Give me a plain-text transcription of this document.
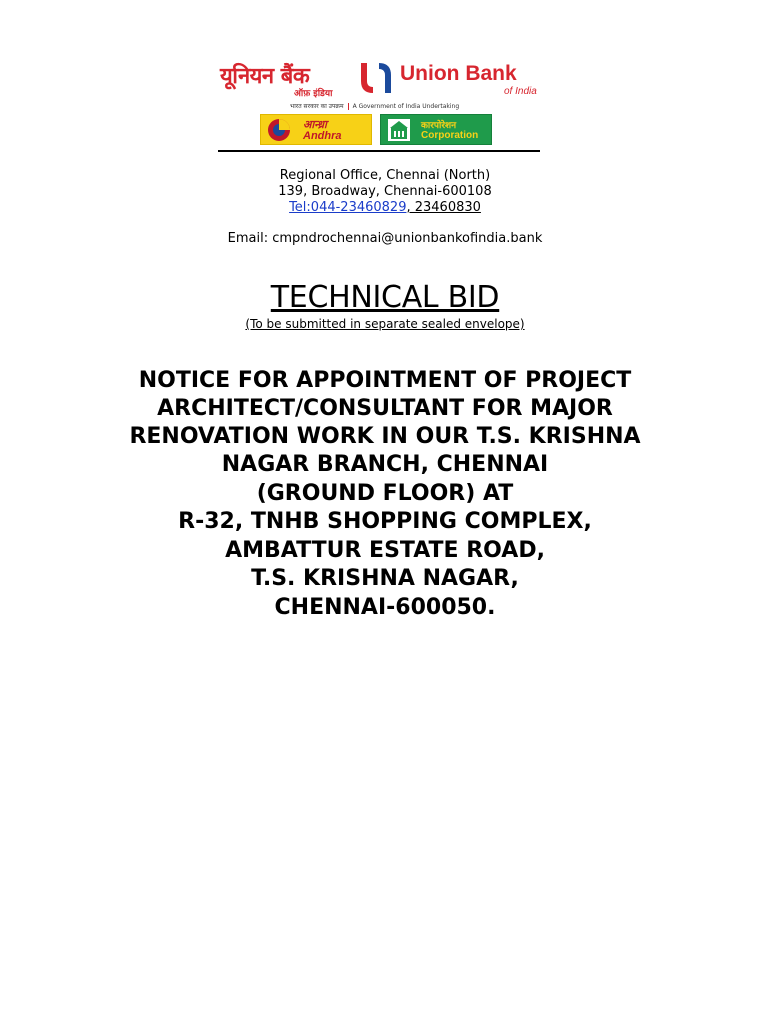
यूनियन बैंक
ऑफ़ इंडिया
Union Bank
of India
भारत सरकार का उपक्रम A Government of India Undertaking
आन्ध्रा
Andhra
कारपोरेशन
Corporation
Regional Office, Chennai (North)
139, Broadway, Chennai-600108
Tel:044-23460829, 23460830
Email: cmpndrochennai@unionbankofindia.bank
TECHNICAL BID
(To be submitted in separate sealed envelope)
NOTICE FOR APPOINTMENT OF PROJECT
ARCHITECT/CONSULTANT FOR MAJOR
RENOVATION WORK IN OUR T.S. KRISHNA
NAGAR BRANCH, CHENNAI
(GROUND FLOOR) AT
R-32, TNHB SHOPPING COMPLEX,
AMBATTUR ESTATE ROAD,
T.S. KRISHNA NAGAR,
CHENNAI-600050.
